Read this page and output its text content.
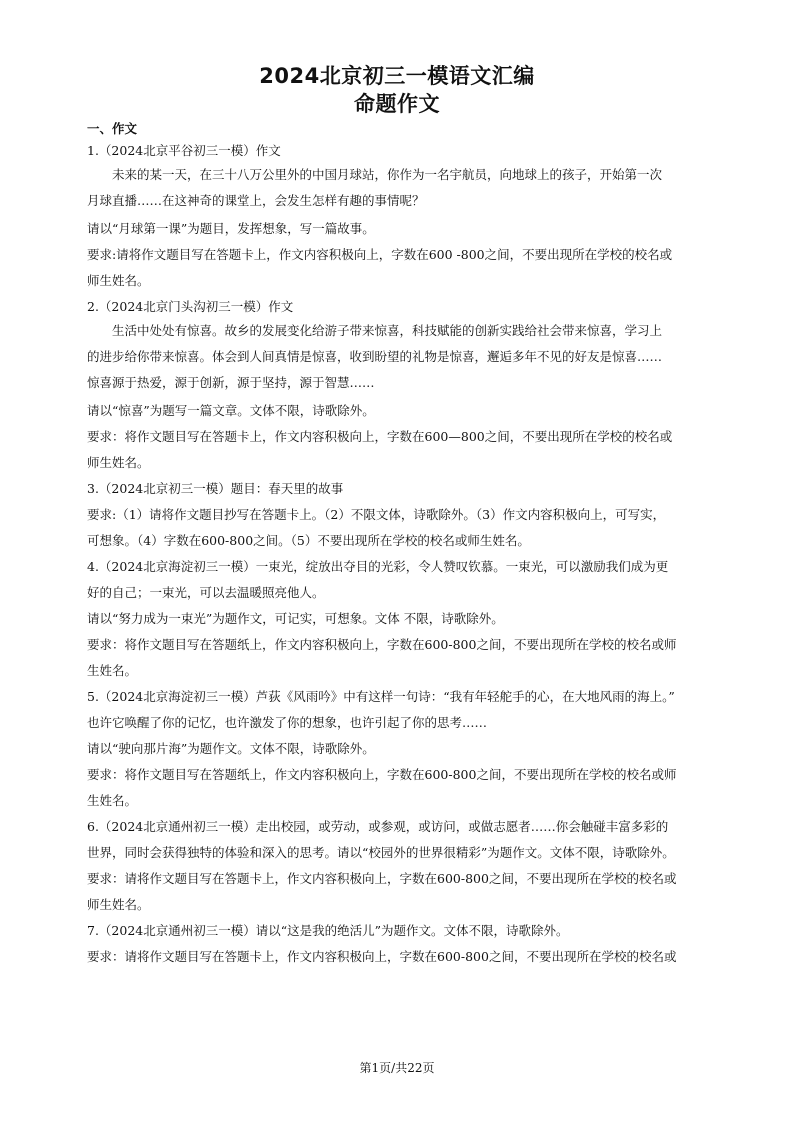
2024北京初三一模语文汇编
命题作文
一、作文
1.（2024北京平谷初三一模）作文
未来的某一天，在三十八万公里外的中国月球站，你作为一名宇航员，向地球上的孩子，开始第一次
月球直播……在这神奇的课堂上，会发生怎样有趣的事情呢？
请以“月球第一课”为题目，发挥想象，写一篇故事。
要求:请将作文题目写在答题卡上，作文内容积极向上，字数在600 -800之间，不要出现所在学校的校名或
师生姓名。
2.（2024北京门头沟初三一模）作文
生活中处处有惊喜。故乡的发展变化给游子带来惊喜，科技赋能的创新实践给社会带来惊喜，学习上
的进步给你带来惊喜。体会到人间真情是惊喜，收到盼望的礼物是惊喜，邂逅多年不见的好友是惊喜……
惊喜源于热爱，源于创新，源于坚持，源于智慧……
请以“惊喜”为题写一篇文章。文体不限，诗歌除外。
要求：将作文题目写在答题卡上，作文内容积极向上，字数在600—800之间，不要出现所在学校的校名或
师生姓名。
3.（2024北京初三一模）题目：春天里的故事
要求:（1）请将作文题目抄写在答题卡上。（2）不限文体，诗歌除外。（3）作文内容积极向上，可写实，
可想象。（4）字数在600-800之间。（5）不要出现所在学校的校名或师生姓名。
4.（2024北京海淀初三一模）一束光，绽放出夺目的光彩，令人赞叹钦慕。一束光，可以激励我们成为更
好的自己；一束光，可以去温暖照亮他人。
请以“努力成为一束光”为题作文，可记实，可想象。文体 不限，诗歌除外。
要求：将作文题目写在答题纸上，作文内容积极向上，字数在600-800之间，不要出现所在学校的校名或师
生姓名。
5.（2024北京海淀初三一模）芦荻《风雨吟》中有这样一句诗：“我有年轻舵手的心，在大地风雨的海上。”
也许它唤醒了你的记忆，也许激发了你的想象，也许引起了你的思考……
请以“驶向那片海”为题作文。文体不限，诗歌除外。
要求：将作文题目写在答题纸上，作文内容积极向上，字数在600-800之间，不要出现所在学校的校名或师
生姓名。
6.（2024北京通州初三一模）走出校园，或劳动，或参观，或访问，或做志愿者……你会触碰丰富多彩的
世界，同时会获得独特的体验和深入的思考。请以“校园外的世界很精彩”为题作文。文体不限，诗歌除外。
要求：请将作文题目写在答题卡上，作文内容积极向上，字数在600-800之间，不要出现所在学校的校名或
师生姓名。
7.（2024北京通州初三一模）请以“这是我的绝活儿”为题作文。文体不限，诗歌除外。
要求：请将作文题目写在答题卡上，作文内容积极向上，字数在600-800之间，不要出现所在学校的校名或
第1页/共22页
